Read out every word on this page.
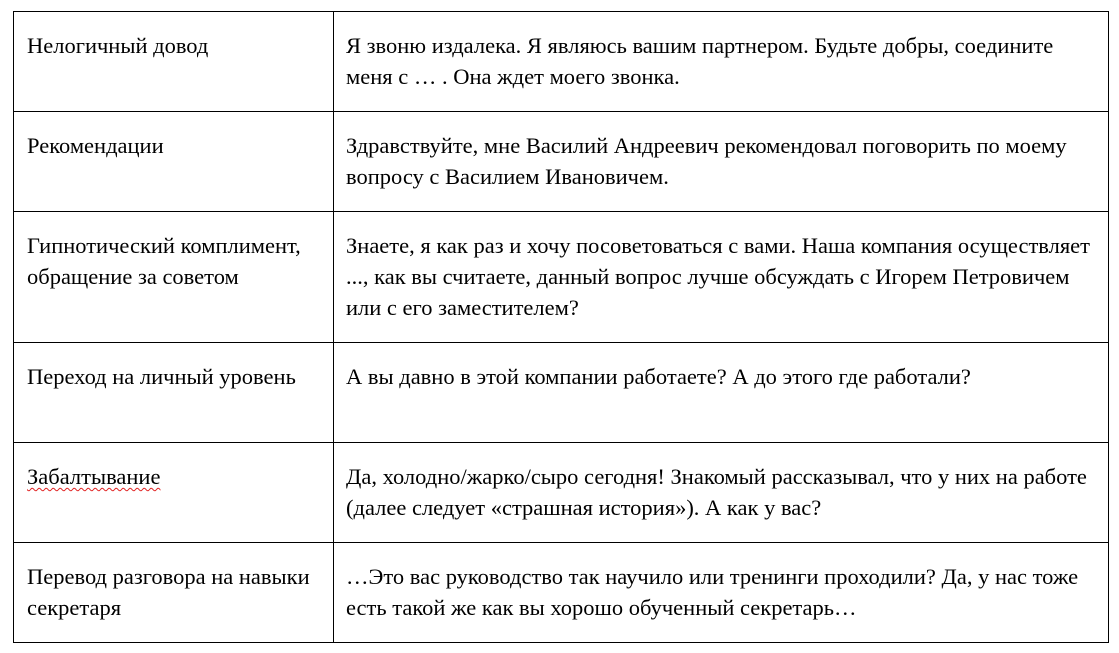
Нелогичный довод	Я звоню издалека. Я являюсь вашим партнером. Будьте добры, соедините меня с … . Она ждет моего звонка.
Рекомендации	Здравствуйте, мне Василий Андреевич рекомендовал поговорить по моему вопросу с Василием Ивановичем.
Гипнотический комплимент, обращение за советом	Знаете, я как раз и хочу посоветоваться с вами. Наша компания осуществляет ..., как вы считаете, данный вопрос лучше обсуждать с Игорем Петровичем или с его заместителем?
Переход на личный уровень	А вы давно в этой компании работаете? А до этого где работали?
Забалтывание	Да, холодно/жарко/сыро сегодня! Знакомый рассказывал, что у них на работе (далее следует «страшная история»). А как у вас?
Перевод разговора на навыки секретаря	…Это вас руководство так научило или тренинги проходили? Да, у нас тоже есть такой же как вы хорошо обученный секретарь…
